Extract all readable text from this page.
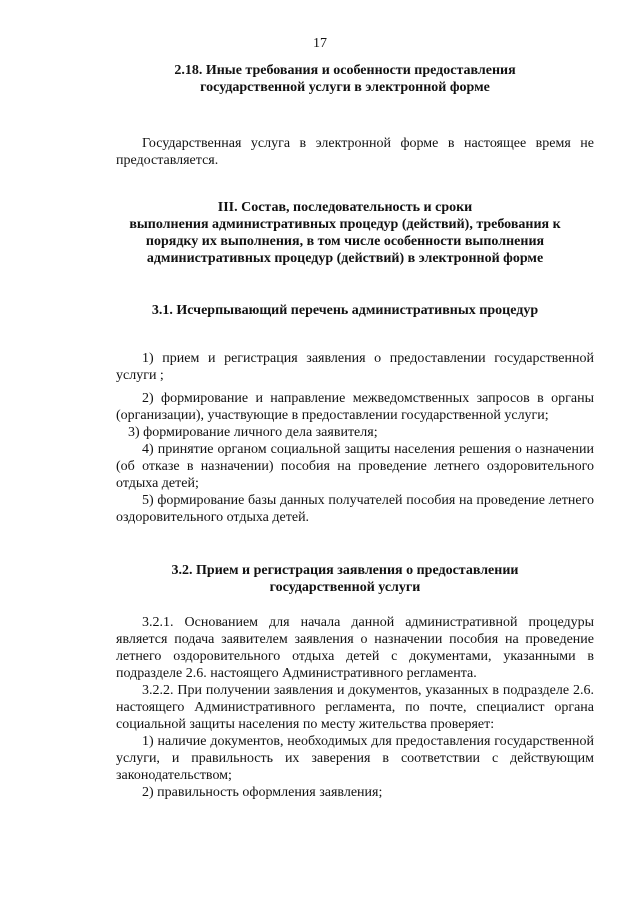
17
2.18. Иные требования и особенности предоставления
государственной услуги в электронной форме
Государственная услуга в электронной форме в настоящее время не предоставляется.
III. Состав, последовательность и сроки
выполнения административных процедур (действий), требования к
порядку их выполнения, в том числе особенности выполнения
административных процедур (действий) в электронной форме
3.1. Исчерпывающий перечень административных процедур
1) прием и регистрация заявления о предоставлении государственной услуги ;
2) формирование и направление межведомственных запросов в органы (организации), участвующие в предоставлении государственной услуги;
3) формирование личного дела заявителя;
4) принятие органом социальной защиты населения решения о назначении (об отказе в назначении) пособия на проведение летнего оздоровительного отдыха детей;
5) формирование базы данных получателей пособия на проведение летнего оздоровительного отдыха детей.
3.2. Прием и регистрация заявления о предоставлении
государственной услуги
3.2.1. Основанием для начала данной административной процедуры является подача заявителем заявления о назначении пособия на проведение летнего оздоровительного отдыха детей с документами, указанными в подразделе 2.6. настоящего Административного регламента.
3.2.2. При получении заявления и документов, указанных в подразделе 2.6. настоящего Административного регламента, по почте, специалист органа социальной защиты населения по месту жительства проверяет:
1) наличие документов, необходимых для предоставления государственной услуги, и правильность их заверения в соответствии с действующим законодательством;
2) правильность оформления заявления;
